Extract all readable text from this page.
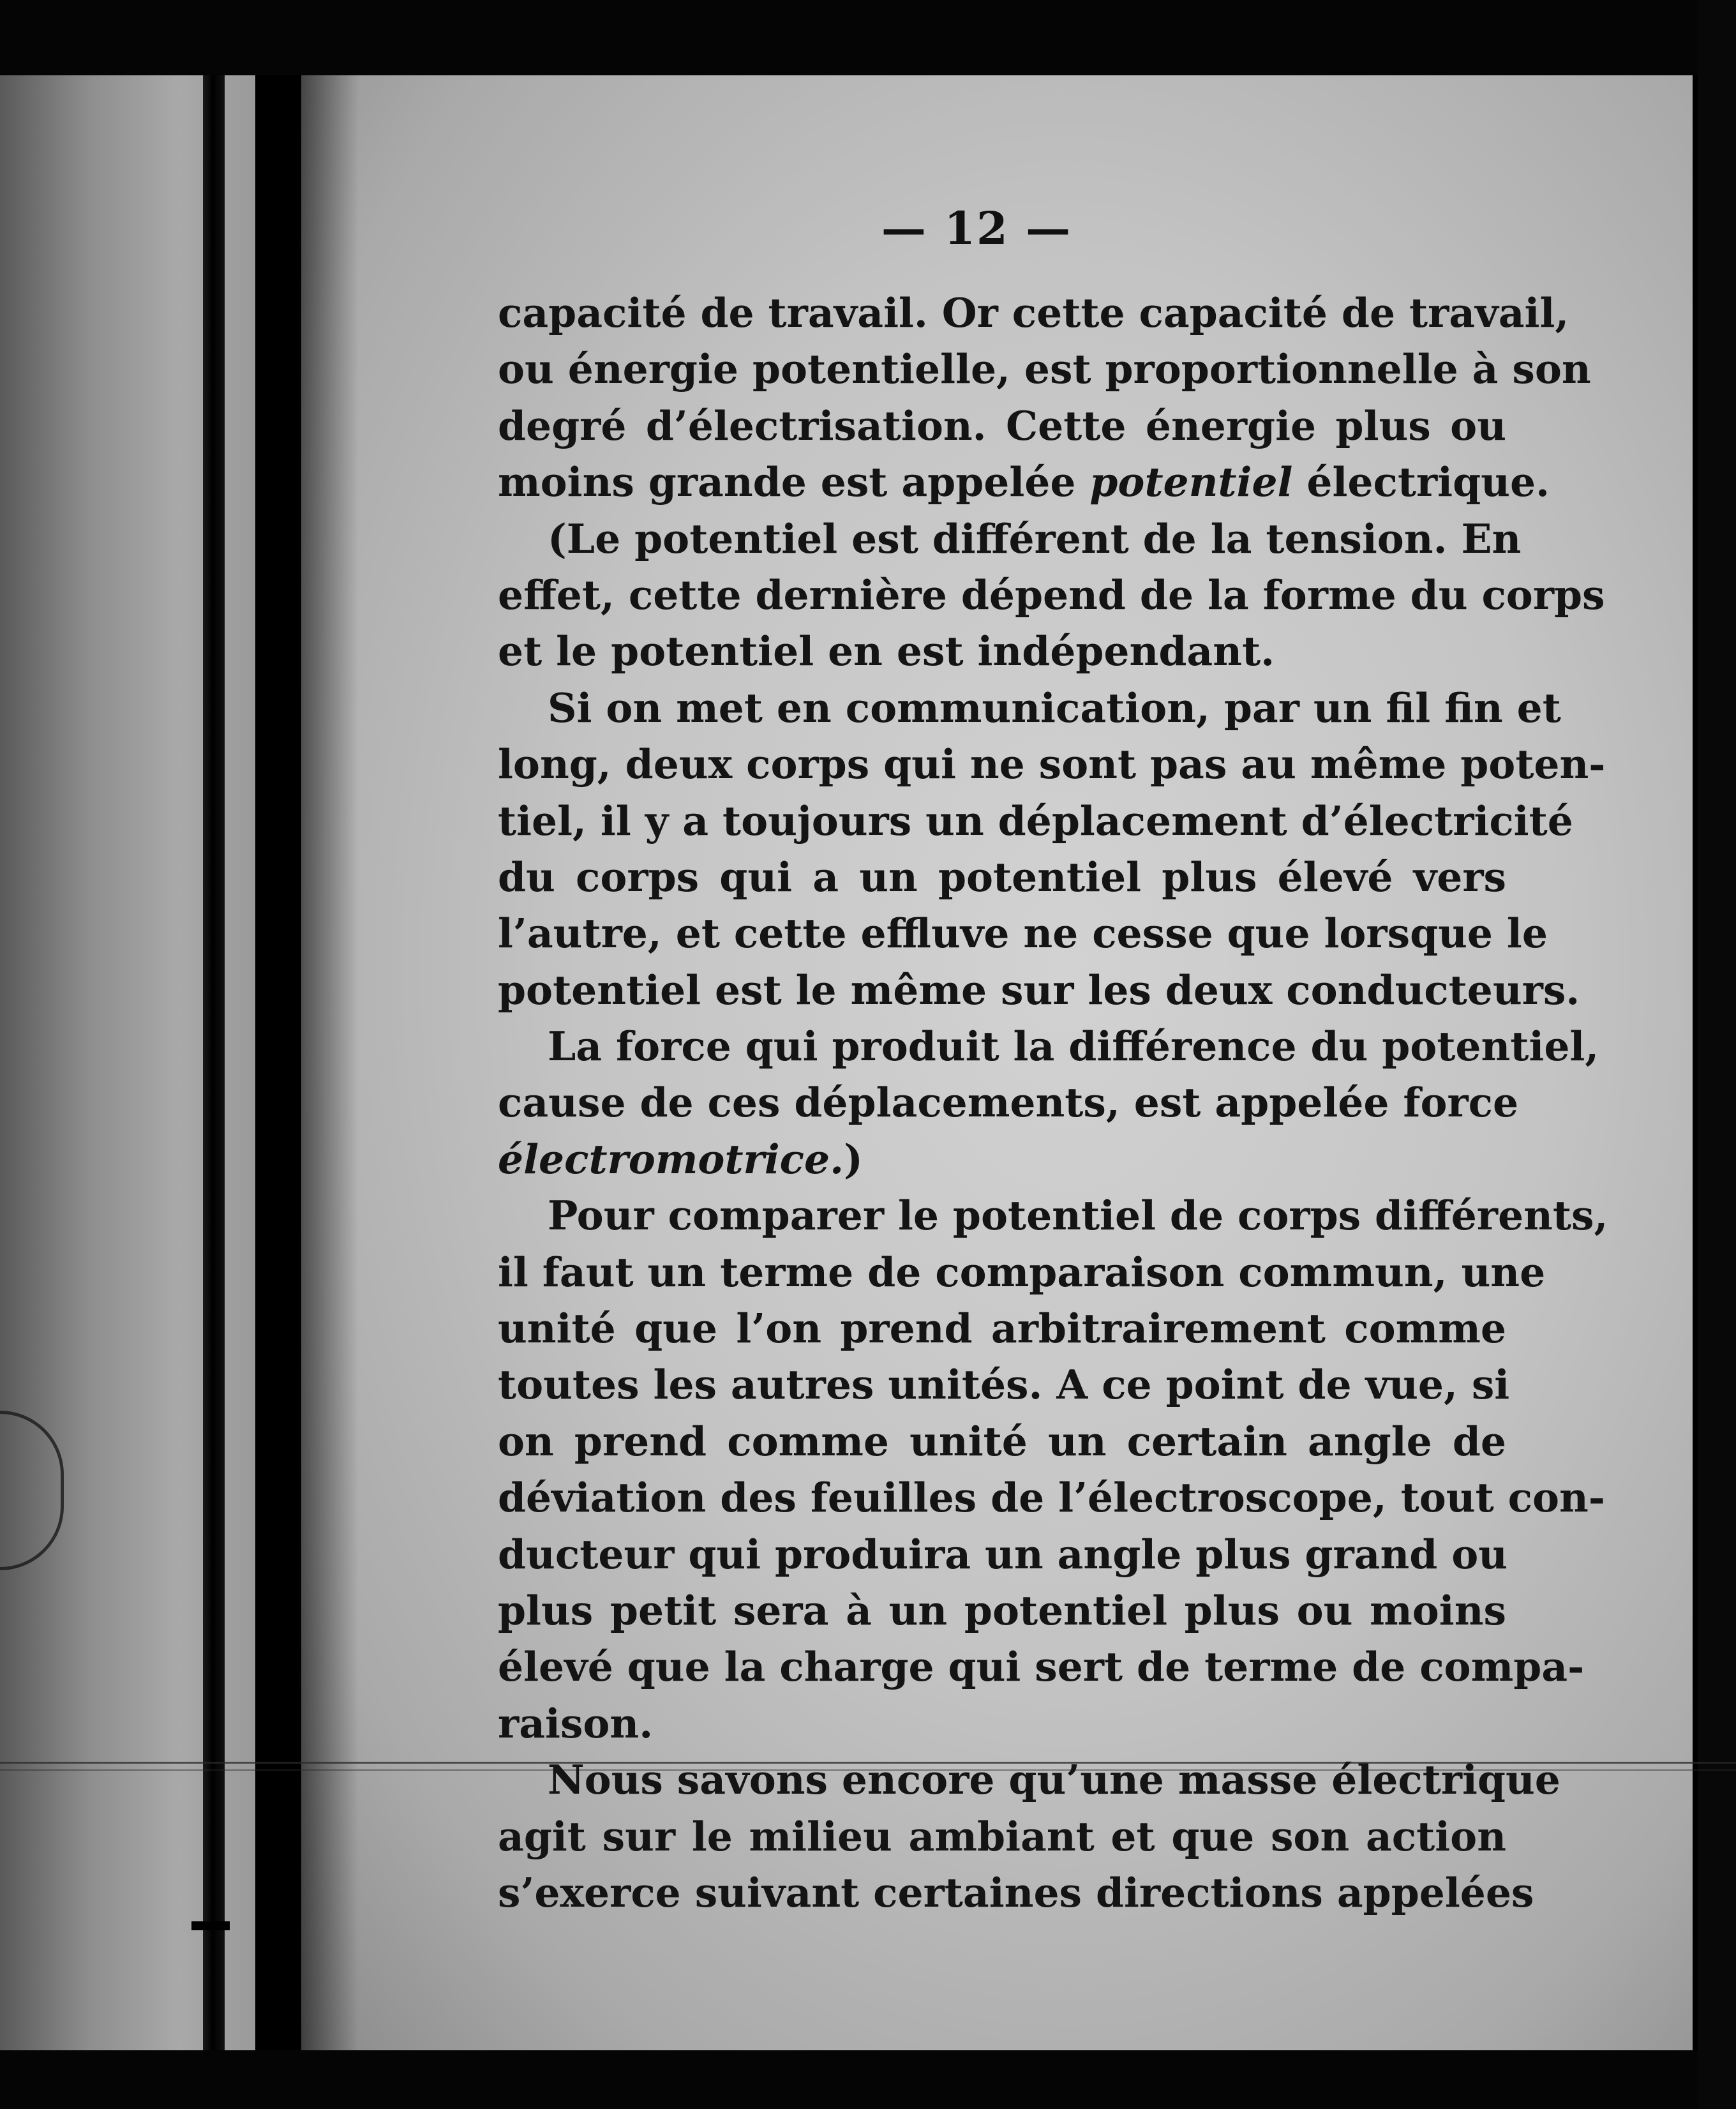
— 12 —
capacité de travail. Or cette capacité de travail,
ou énergie potentielle, est proportionnelle à son
degré d’électrisation. Cette énergie plus ou
moins grande est appelée potentiel électrique.
(Le potentiel est différent de la tension. En
effet, cette dernière dépend de la forme du corps
et le potentiel en est indépendant.
Si on met en communication, par un fil fin et
long, deux corps qui ne sont pas au même poten-
tiel, il y a toujours un déplacement d’électricité
du corps qui a un potentiel plus élevé vers
l’autre, et cette effluve ne cesse que lorsque le
potentiel est le même sur les deux conducteurs.
La force qui produit la différence du potentiel,
cause de ces déplacements, est appelée force
électromotrice.)
Pour comparer le potentiel de corps différents,
il faut un terme de comparaison commun, une
unité que l’on prend arbitrairement comme
toutes les autres unités. A ce point de vue, si
on prend comme unité un certain angle de
déviation des feuilles de l’électroscope, tout con-
ducteur qui produira un angle plus grand ou
plus petit sera à un potentiel plus ou moins
élevé que la charge qui sert de terme de compa-
raison.
Nous savons encore qu’une masse électrique
agit sur le milieu ambiant et que son action
s’exerce suivant certaines directions appelées
